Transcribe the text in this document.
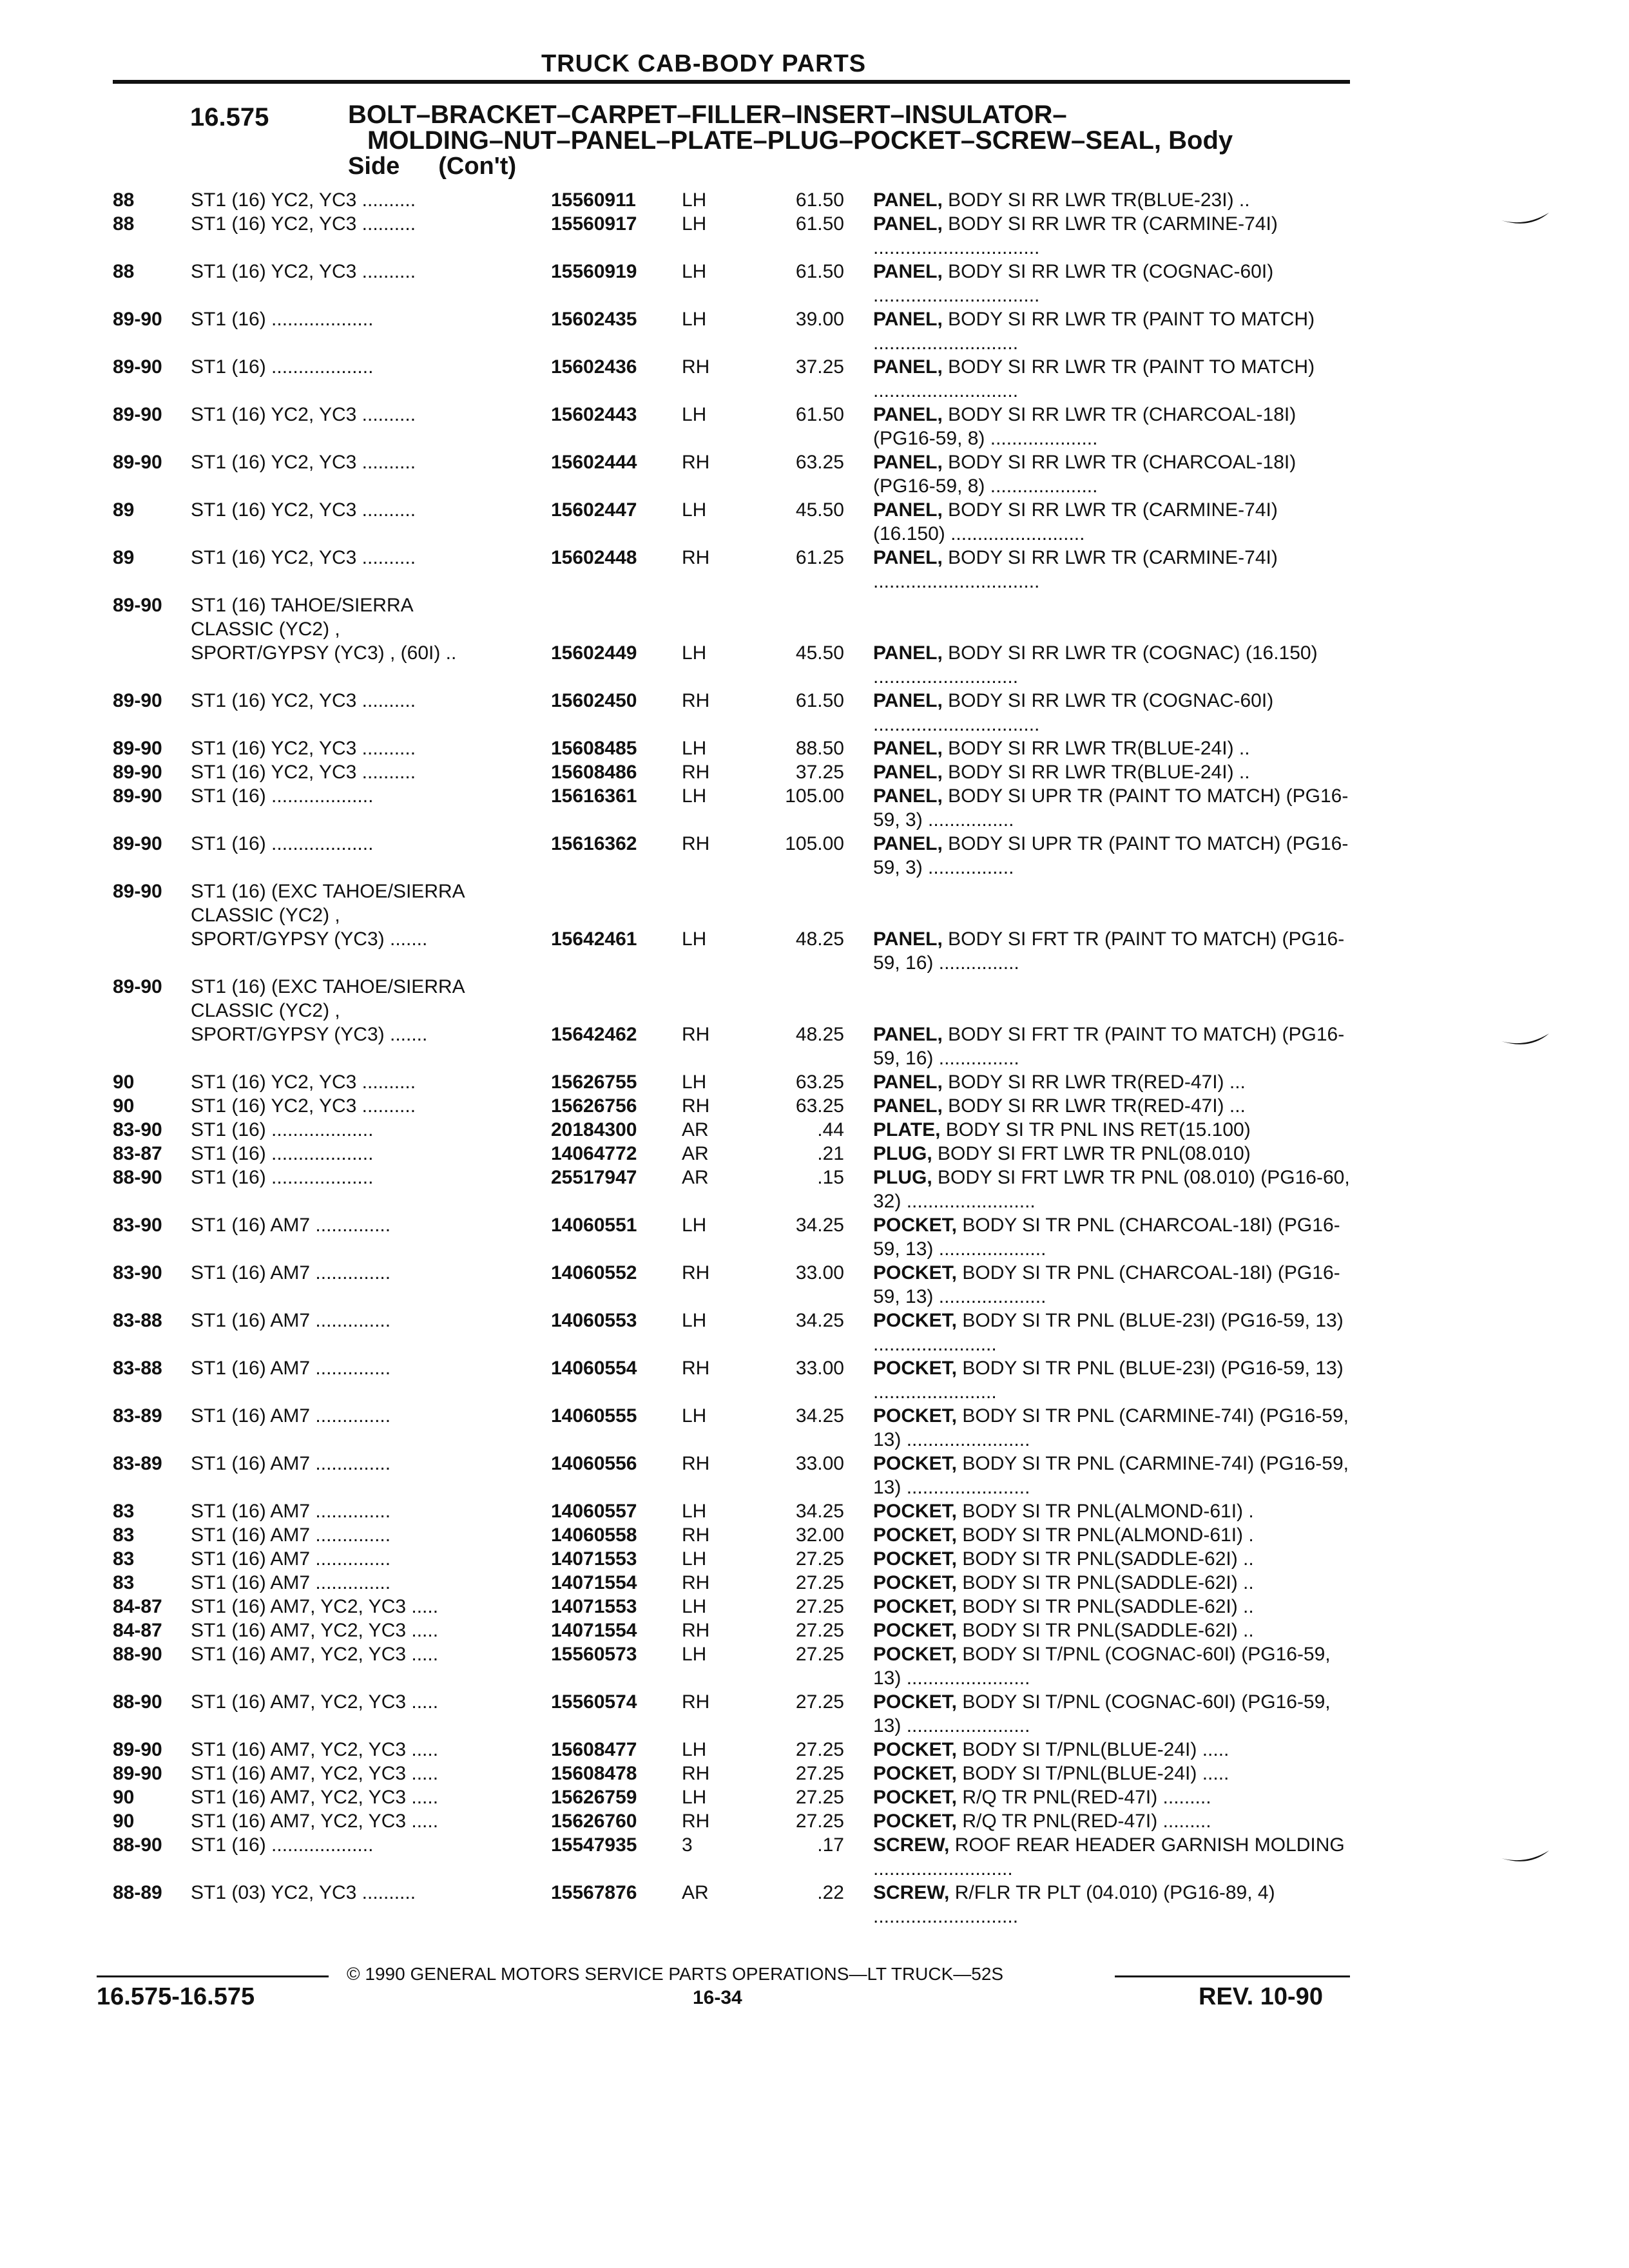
TRUCK CAB-BODY PARTS
16.575	BOLT–BRACKET–CARPET–FILLER–INSERT–INSULATOR–
MOLDING–NUT–PANEL–PLATE–PLUG–POCKET–SCREW–SEAL, Body
Side (Con't)
88	ST1 (16) YC2, YC3 ..........	15560911 LH	61.50 PANEL, BODY SI RR LWR TR(BLUE-23I) ..
88	ST1 (16) YC2, YC3 ..........	15560917 LH	61.50 PANEL, BODY SI RR LWR TR (CARMINE-74I) ...............................
88	ST1 (16) YC2, YC3 ..........	15560919 LH	61.50 PANEL, BODY SI RR LWR TR (COGNAC-60I) ...............................
89-90 ST1 (16) ...................	15602435 LH	39.00 PANEL, BODY SI RR LWR TR (PAINT TO MATCH) ...........................
89-90 ST1 (16) ...................	15602436 RH	37.25 PANEL, BODY SI RR LWR TR (PAINT TO MATCH) ...........................
89-90 ST1 (16) YC2, YC3 ..........	15602443 LH	61.50 PANEL, BODY SI RR LWR TR (CHARCOAL-18I) (PG16-59, 8) ....................
89-90 ST1 (16) YC2, YC3 ..........	15602444 RH	63.25 PANEL, BODY SI RR LWR TR (CHARCOAL-18I) (PG16-59, 8) ....................
89	ST1 (16) YC2, YC3 ..........	15602447 LH	45.50 PANEL, BODY SI RR LWR TR (CARMINE-74I) (16.150) .........................
89	ST1 (16) YC2, YC3 ..........	15602448 RH	61.25 PANEL, BODY SI RR LWR TR (CARMINE-74I) ...............................
89-90 ST1 (16) TAHOE/SIERRA
CLASSIC (YC2) ,
SPORT/GYPSY (YC3) , (60I) ..	15602449 LH	45.50 PANEL, BODY SI RR LWR TR (COGNAC) (16.150) ...........................
89-90 ST1 (16) YC2, YC3 ..........	15602450 RH	61.50 PANEL, BODY SI RR LWR TR (COGNAC-60I) ...............................
89-90 ST1 (16) YC2, YC3 ..........	15608485 LH	88.50 PANEL, BODY SI RR LWR TR(BLUE-24I) ..
89-90 ST1 (16) YC2, YC3 ..........	15608486 RH	37.25 PANEL, BODY SI RR LWR TR(BLUE-24I) ..
89-90 ST1 (16) ...................	15616361 LH	105.00 PANEL, BODY SI UPR TR (PAINT TO MATCH) (PG16-59, 3) ................
89-90 ST1 (16) ...................	15616362 RH	105.00 PANEL, BODY SI UPR TR (PAINT TO MATCH) (PG16-59, 3) ................
89-90 ST1 (16) (EXC TAHOE/SIERRA
CLASSIC (YC2) ,
SPORT/GYPSY (YC3) .......	15642461 LH	48.25 PANEL, BODY SI FRT TR (PAINT TO MATCH) (PG16-59, 16) ...............
89-90 ST1 (16) (EXC TAHOE/SIERRA
CLASSIC (YC2) ,
SPORT/GYPSY (YC3) .......	15642462 RH	48.25 PANEL, BODY SI FRT TR (PAINT TO MATCH) (PG16-59, 16) ...............
90	ST1 (16) YC2, YC3 ..........	15626755 LH	63.25 PANEL, BODY SI RR LWR TR(RED-47I) ...
90	ST1 (16) YC2, YC3 ..........	15626756 RH	63.25 PANEL, BODY SI RR LWR TR(RED-47I) ...
83-90 ST1 (16) ...................	20184300 AR	.44 PLATE, BODY SI TR PNL INS RET(15.100)
83-87 ST1 (16) ...................	14064772 AR	.21 PLUG, BODY SI FRT LWR TR PNL(08.010)
88-90 ST1 (16) ...................	25517947 AR	.15 PLUG, BODY SI FRT LWR TR PNL (08.010) (PG16-60, 32) ........................
83-90 ST1 (16) AM7 ..............	14060551 LH	34.25 POCKET, BODY SI TR PNL (CHARCOAL-18I) (PG16-59, 13) ....................
83-90 ST1 (16) AM7 ..............	14060552 RH	33.00 POCKET, BODY SI TR PNL (CHARCOAL-18I) (PG16-59, 13) ....................
83-88 ST1 (16) AM7 ..............	14060553 LH	34.25 POCKET, BODY SI TR PNL (BLUE-23I) (PG16-59, 13) .......................
83-88 ST1 (16) AM7 ..............	14060554 RH	33.00 POCKET, BODY SI TR PNL (BLUE-23I) (PG16-59, 13) .......................
83-89 ST1 (16) AM7 ..............	14060555 LH	34.25 POCKET, BODY SI TR PNL (CARMINE-74I) (PG16-59, 13) .......................
83-89 ST1 (16) AM7 ..............	14060556 RH	33.00 POCKET, BODY SI TR PNL (CARMINE-74I) (PG16-59, 13) .......................
83	ST1 (16) AM7 ..............	14060557 LH	34.25 POCKET, BODY SI TR PNL(ALMOND-61I) .
83	ST1 (16) AM7 ..............	14060558 RH	32.00 POCKET, BODY SI TR PNL(ALMOND-61I) .
83	ST1 (16) AM7 ..............	14071553 LH	27.25 POCKET, BODY SI TR PNL(SADDLE-62I) ..
83	ST1 (16) AM7 ..............	14071554 RH	27.25 POCKET, BODY SI TR PNL(SADDLE-62I) ..
84-87 ST1 (16) AM7, YC2, YC3 .....	14071553 LH	27.25 POCKET, BODY SI TR PNL(SADDLE-62I) ..
84-87 ST1 (16) AM7, YC2, YC3 .....	14071554 RH	27.25 POCKET, BODY SI TR PNL(SADDLE-62I) ..
88-90 ST1 (16) AM7, YC2, YC3 .....	15560573 LH	27.25 POCKET, BODY SI T/PNL (COGNAC-60I) (PG16-59, 13) .......................
88-90 ST1 (16) AM7, YC2, YC3 .....	15560574 RH	27.25 POCKET, BODY SI T/PNL (COGNAC-60I) (PG16-59, 13) .......................
89-90 ST1 (16) AM7, YC2, YC3 .....	15608477 LH	27.25 POCKET, BODY SI T/PNL(BLUE-24I) .....
89-90 ST1 (16) AM7, YC2, YC3 .....	15608478 RH	27.25 POCKET, BODY SI T/PNL(BLUE-24I) .....
90	ST1 (16) AM7, YC2, YC3 .....	15626759 LH	27.25 POCKET, R/Q TR PNL(RED-47I) .........
90	ST1 (16) AM7, YC2, YC3 .....	15626760 RH	27.25 POCKET, R/Q TR PNL(RED-47I) .........
88-90 ST1 (16) ...................	15547935 3	.17 SCREW, ROOF REAR HEADER GARNISH MOLDING ..........................
88-89 ST1 (03) YC2, YC3 ..........	15567876 AR	.22 SCREW, R/FLR TR PLT (04.010) (PG16-89, 4) ...........................
© 1990 GENERAL MOTORS SERVICE PARTS OPERATIONS—LT TRUCK—52S
16.575-16.575	16-34	REV. 10-90
